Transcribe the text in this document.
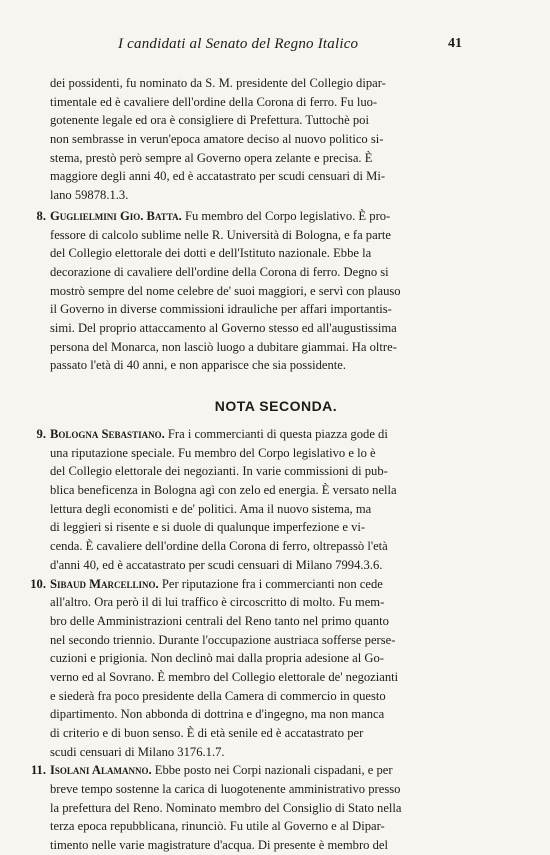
I candidati al Senato del Regno Italico	41
dei possidenti, fu nominato da S. M. presidente del Collegio dipar-
timentale ed è cavaliere dell'ordine della Corona di ferro. Fu luo-
gotenente legale ed ora è consigliere di Prefettura. Tuttochè poi
non sembrasse in verun'epoca amatore deciso al nuovo politico si-
stema, prestò però sempre al Governo opera zelante e precisa. È
maggiore degli anni 40, ed è accatastrato per scudi censuari di Mi-
lano 59878.1.3.
8. Guglielmini Gio. Batta. Fu membro del Corpo legislativo. È pro-
fessore di calcolo sublime nelle R. Università di Bologna, e fa parte
del Collegio elettorale dei dotti e dell'Istituto nazionale. Ebbe la
decorazione di cavaliere dell'ordine della Corona di ferro. Degno si
mostrò sempre del nome celebre de' suoi maggiori, e servì con plauso
il Governo in diverse commissioni idrauliche per affari importantis-
simi. Del proprio attaccamento al Governo stesso ed all'augustissima
persona del Monarca, non lasciò luogo a dubitare giammai. Ha oltre-
passato l'età di 40 anni, e non apparisce che sia possidente.
NOTA SECONDA.
9. Bologna Sebastiano. Fra i commercianti di questa piazza gode di
una riputazione speciale. Fu membro del Corpo legislativo e lo è
del Collegio elettorale dei negozianti. In varie commissioni di pub-
blica beneficenza in Bologna agì con zelo ed energia. È versato nella
lettura degli economisti e de' politici. Ama il nuovo sistema, ma
di leggieri si risente e si duole di qualunque imperfezione e vi-
cenda. È cavaliere dell'ordine della Corona di ferro, oltrepassò l'età
d'anni 40, ed è accatastrato per scudi censuari di Milano 7994.3.6.
10. Sibaud Marcellino. Per riputazione fra i commercianti non cede
all'altro. Ora però il di lui traffico è circoscritto di molto. Fu mem-
bro delle Amministrazioni centrali del Reno tanto nel primo quanto
nel secondo triennio. Durante l'occupazione austriaca sofferse perse-
cuzioni e prigionia. Non declinò mai dalla propria adesione al Go-
verno ed al Sovrano. È membro del Collegio elettorale de' negozianti
e siederà fra poco presidente della Camera di commercio in questo
dipartimento. Non abbonda di dottrina e d'ingegno, ma non manca
di criterio e di buon senso. È di età senile ed è accatastrato per
scudi censuari di Milano 3176.1.7.
11. Isolani Alamanno. Ebbe posto nei Corpi nazionali cispadani, e per
breve tempo sostenne la carica di luogotenente amministrativo presso
la prefettura del Reno. Nominato membro del Consiglio di Stato nella
terza epoca repubblicana, rinunciò. Fu utile al Governo e al Dipar-
timento nelle varie magistrature d'acqua. Di presente è membro del
